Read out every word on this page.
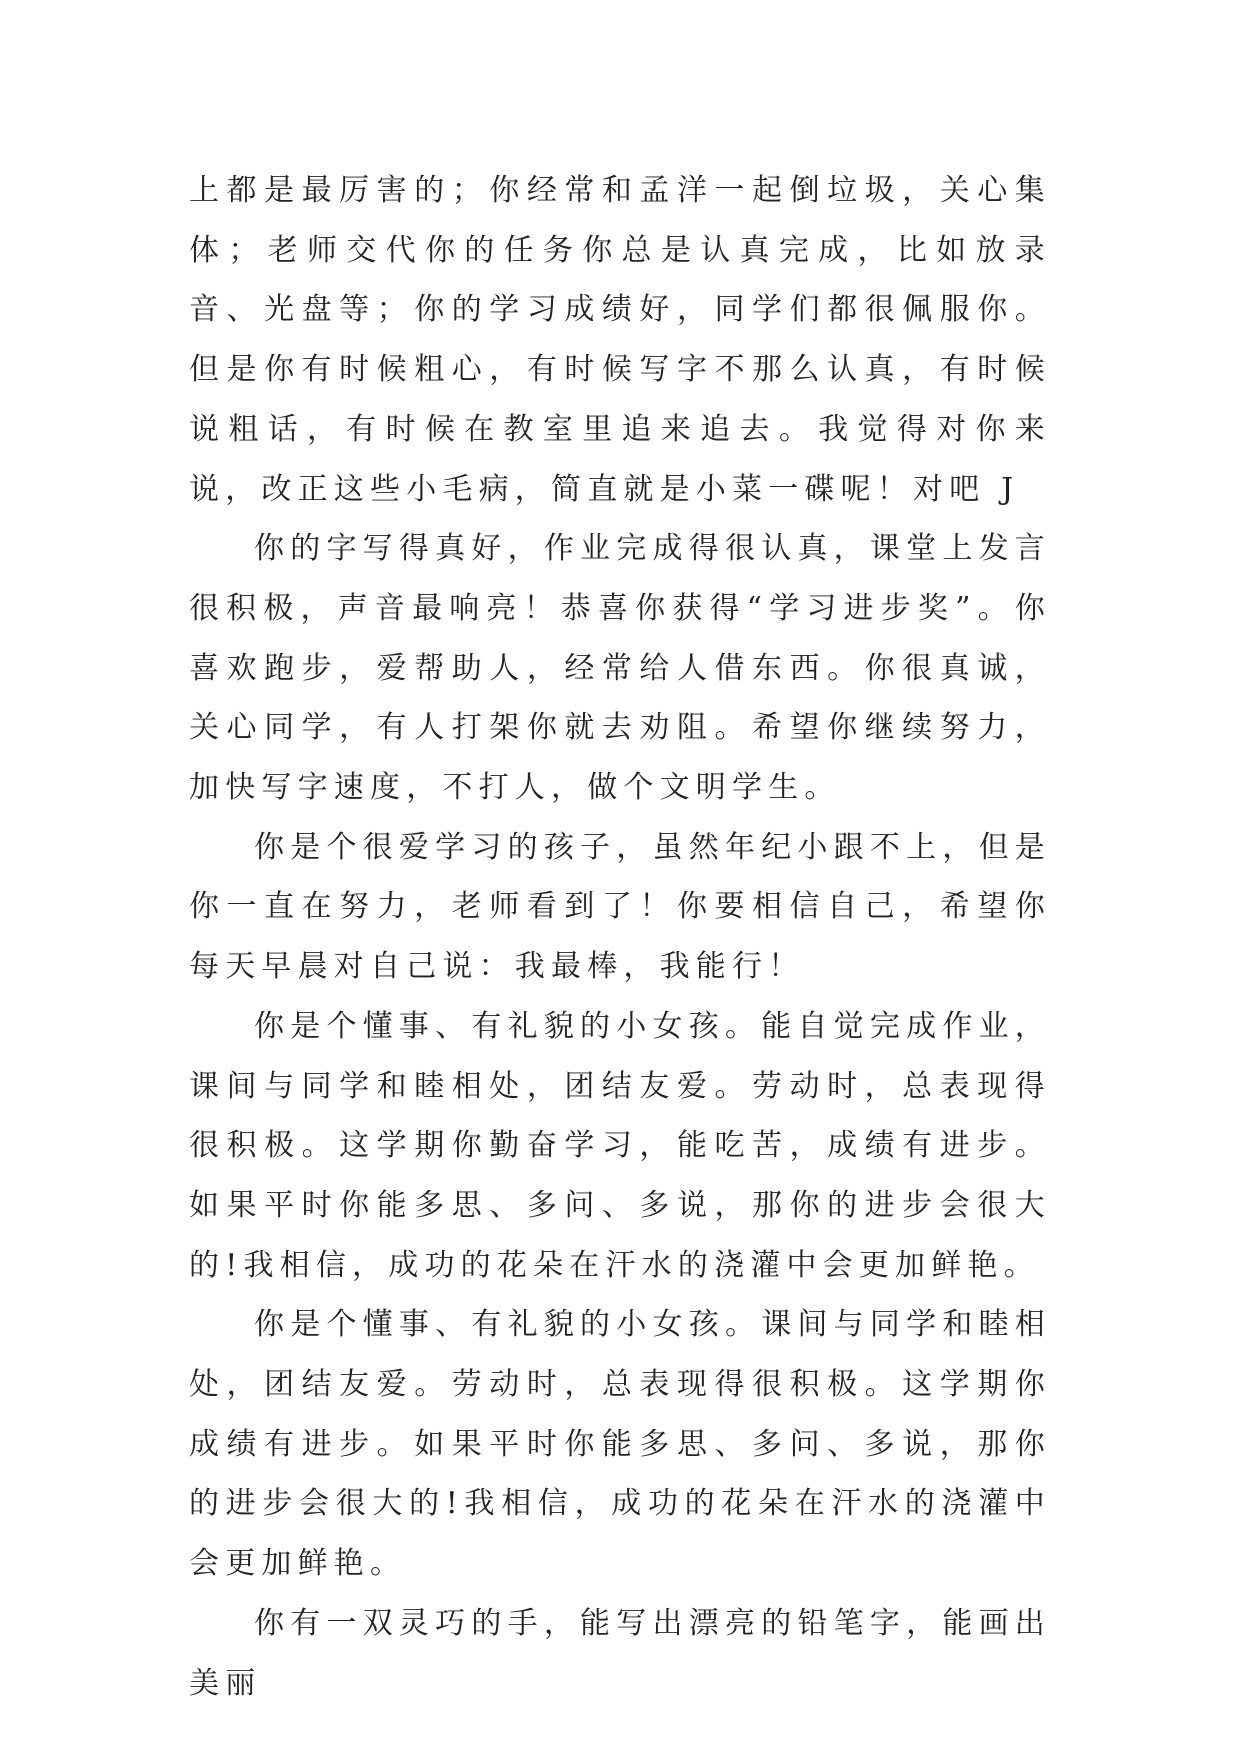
上都是最厉害的；你经常和孟洋一起倒垃圾，关心集体；老师交代你的任务你总是认真完成，比如放录音、光盘等；你的学习成绩好，同学们都很佩服你。但是你有时候粗心，有时候写字不那么认真，有时候说粗话，有时候在教室里追来追去。我觉得对你来说，改正这些小毛病，简直就是小菜一碟呢！对吧 J

你的字写得真好，作业完成得很认真，课堂上发言很积极，声音最响亮！恭喜你获得“学习进步奖”。你喜欢跑步，爱帮助人，经常给人借东西。你很真诚，关心同学，有人打架你就去劝阻。希望你继续努力，加快写字速度，不打人，做个文明学生。

你是个很爱学习的孩子，虽然年纪小跟不上，但是你一直在努力，老师看到了！你要相信自己，希望你每天早晨对自己说：我最棒，我能行！

你是个懂事、有礼貌的小女孩。能自觉完成作业，课间与同学和睦相处，团结友爱。劳动时，总表现得很积极。这学期你勤奋学习，能吃苦，成绩有进步。如果平时你能多思、多问、多说，那你的进步会很大的!我相信，成功的花朵在汗水的浇灌中会更加鲜艳。

你是个懂事、有礼貌的小女孩。课间与同学和睦相处，团结友爱。劳动时，总表现得很积极。这学期你成绩有进步。如果平时你能多思、多问、多说，那你的进步会很大的!我相信，成功的花朵在汗水的浇灌中会更加鲜艳。

你有一双灵巧的手，能写出漂亮的铅笔字，能画出美丽
